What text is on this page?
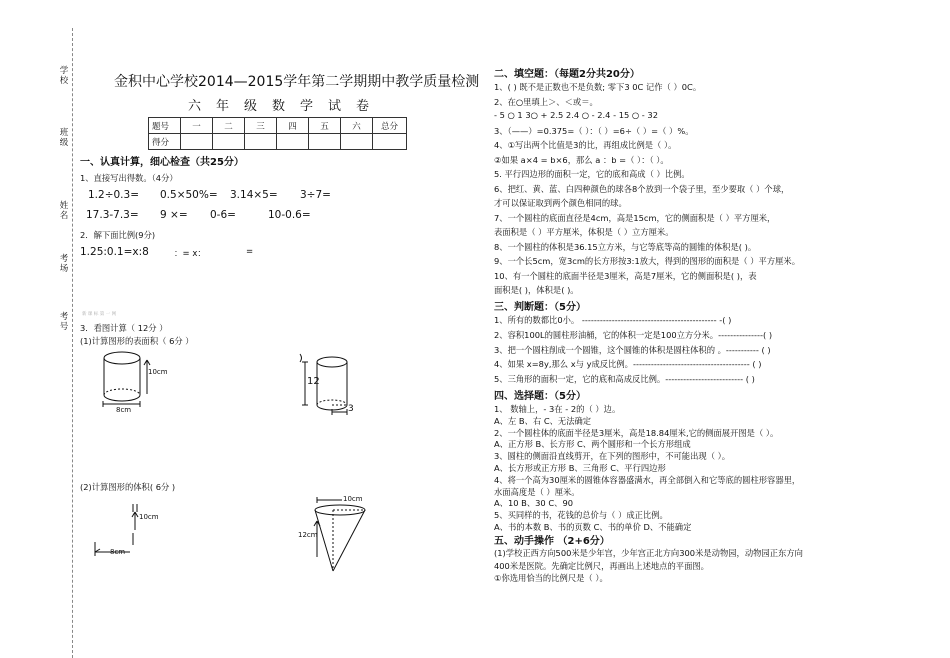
学校
班级
姓名
考场
考号
金积中心学校2014—2015学年第二学期期中教学质量检测
六年级数学试卷
题号	一	二	三	四	五	六	总分
得分							
一、认真计算，细心检查（共25分）
1、直接写出得数。（4分）
1.2÷0.3= 0.5×50%= 3.14×5= 3÷7=
17.3-7.3= 9 ×= 0-6=	10-0.6=
2．解下面比例(9分)
1.25:0.1=x:8	：= x：	=
新 课 标 第 一 网
3．看图计算（ 12分 ）
(1)计算图形的表面积（ 6分 ）
(2)计算图形的体积( 6分 )
10cm
8cm
12
3
10cm
8cm
10cm
12cm
二、填空题：（每题2分共20分）
1、( ) 既不是正数也不是负数; 零下3 0C 记作（ ）0C。
2、在○里填上＞、＜或＝。
- 5 ○ 1 3○ + 2.5 2.4 ○ - 2.4 - 15 ○ - 32
3、（——）=0.375=（ ）：（ ）=6÷（ ）=（ ）%。
4、①写出两个比值是3的比，再组成比例是（ ）。
②如果 a×4 = b×6，那么 a ：b =（ ）：（ ）。
5. 平行四边形的面积一定，它的底和高成（ ）比例。
6、把红、黄、蓝、白四种颜色的球各8个放到一个袋子里，至少要取（ ）个球，
才可以保证取到两个颜色相同的球。
7、一个圆柱的底面直径是4cm，高是15cm，它的侧面积是（ ）平方厘米，
表面积是（ ）平方厘米，体积是（ ）立方厘米。
8、一个圆柱的体积是36.15立方米，与它等底等高的圆锥的体积是( )。
9、一个长5cm，宽3cm的长方形按3:1放大，得到的图形的面积是（ ）平方厘米。
10、有一个圆柱的底面半径是3厘米，高是7厘米，它的侧面积是( )，表
面积是( )，体积是( )。
三、判断题：（5分）
1、所有的数都比0小。 --------------------------------------------- -( )
2、容积100L的圆柱形油桶，它的体积一定是100立方分米。---------------( )
3、把一个圆柱削成一个圆锥，这个圆锥的体积是圆柱体积的 。----------- ( )
4、如果 x=8y,那么 x与 y成反比例。--------------------------------------- ( )
5、三角形的面积一定，它的底和高成反比例。-------------------------- ( )
四、选择题：（5分）
1、 数轴上，- 3在 - 2的（ ）边。
A、左 B、右 C、无法确定
2、一个圆柱体的底面半径是3厘米，高是18.84厘米,它的侧面展开图是（ ）。
A、正方形 B、长方形 C、两个圆形和一个长方形组成
3、圆柱的侧面沿直线剪开，在下列的图形中，不可能出现（ ）。
A、长方形或正方形 B、三角形 C、平行四边形
4、将一个高为30厘米的圆锥体容器盛满水，再全部倒入和它等底的圆柱形容器里，
水面高度是（ ）厘米。
A、10 B、30 C、90
5、买同样的书，花钱的总价与（ ）成正比例。
A、书的本数 B、书的页数 C、书的单价 D、不能确定
五、动手操作 （2+6分）
(1)学校正西方向500米是少年宫，少年宫正北方向300米是动物园，动物园正东方向
400米是医院。先确定比例尺，再画出上述地点的平面图。
①你选用恰当的比例尺是（ ）。
